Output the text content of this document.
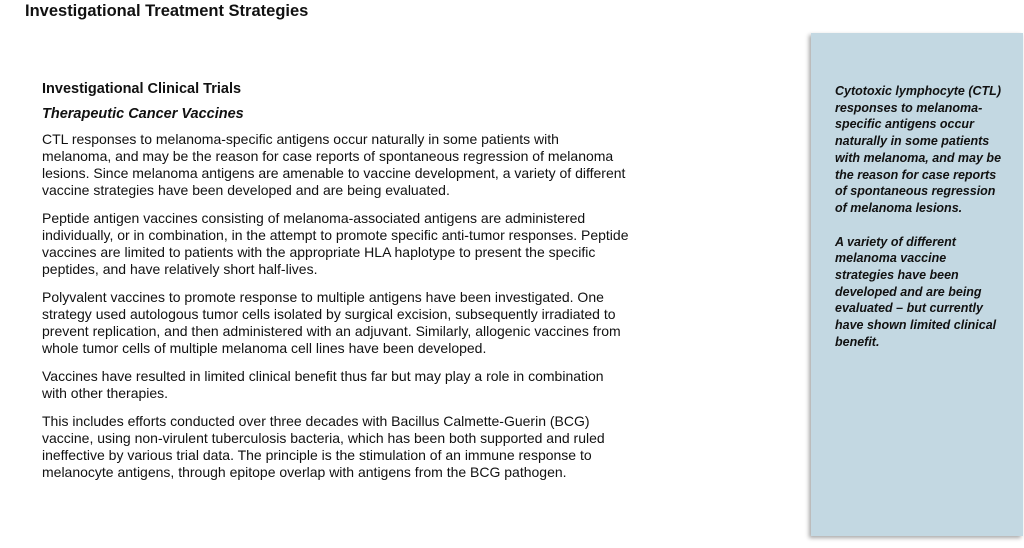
Investigational Treatment Strategies
Investigational Clinical Trials
Therapeutic Cancer Vaccines

CTL responses to melanoma-specific antigens occur naturally in some patients with melanoma, and may be the reason for case reports of spontaneous regression of melanoma lesions. Since melanoma antigens are amenable to vaccine development, a variety of different vaccine strategies have been developed and are being evaluated.

Peptide antigen vaccines consisting of melanoma-associated antigens are administered individually, or in combination, in the attempt to promote specific anti-tumor responses. Peptide vaccines are limited to patients with the appropriate HLA haplotype to present the specific peptides, and have relatively short half-lives.

Polyvalent vaccines to promote response to multiple antigens have been investigated. One strategy used autologous tumor cells isolated by surgical excision, subsequently irradiated to prevent replication, and then administered with an adjuvant. Similarly, allogenic vaccines from whole tumor cells of multiple melanoma cell lines have been developed.

Vaccines have resulted in limited clinical benefit thus far but may play a role in combination with other therapies.

This includes efforts conducted over three decades with Bacillus Calmette-Guerin (BCG) vaccine, using non-virulent tuberculosis bacteria, which has been both supported and ruled ineffective by various trial data. The principle is the stimulation of an immune response to melanocyte antigens, through epitope overlap with antigens from the BCG pathogen.

Cytotoxic lymphocyte (CTL) responses to melanoma-specific antigens occur naturally in some patients with melanoma, and may be the reason for case reports of spontaneous regression of melanoma lesions.

A variety of different melanoma vaccine strategies have been developed and are being evaluated – but currently have shown limited clinical benefit.
